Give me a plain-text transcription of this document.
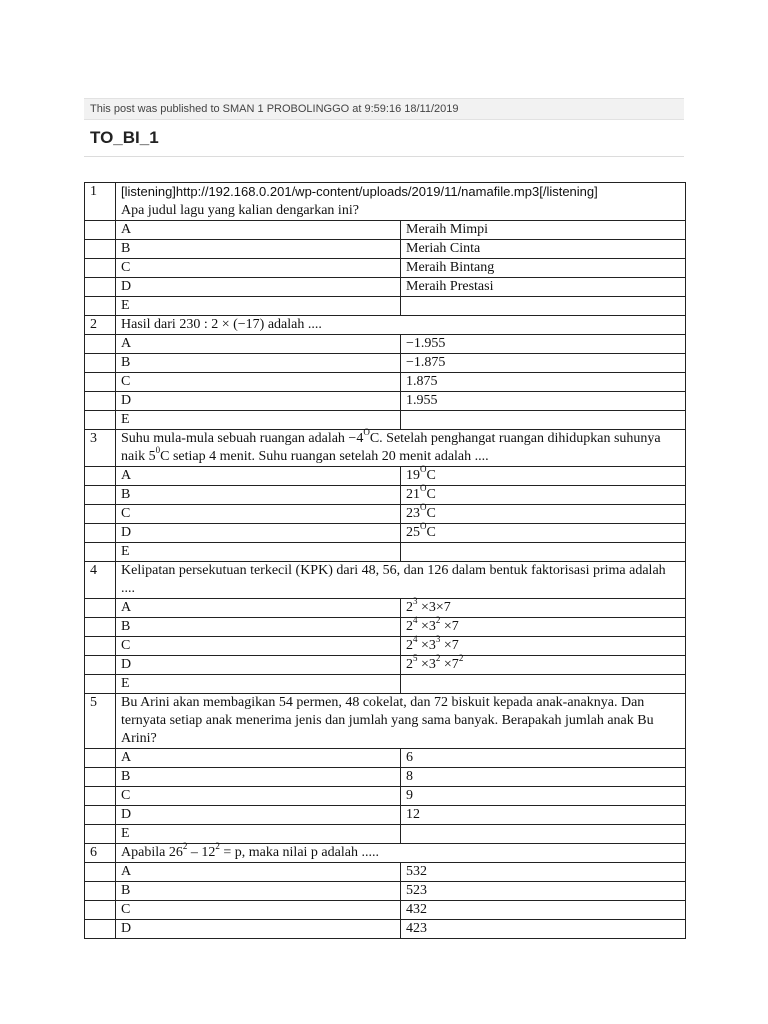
This post was published to SMAN 1 PROBOLINGGO at 9:59:16 18/11/2019
TO_BI_1
1	[listening]http://192.168.0.201/wp-content/uploads/2019/11/namafile.mp3[/listening]
Apa judul lagu yang kalian dengarkan ini?	
	A	Meraih Mimpi
	B	Meriah Cinta
	C	Meraih Bintang
	D	Meraih Prestasi
	E	
2	Hasil dari 230 : 2 × (−17) adalah ....	
	A	−1.955
	B	−1.875
	C	1.875
	D	1.955
	E	
3	Suhu mula-mula sebuah ruangan adalah $-4^OC$. Setelah penghangat ruangan dihidupkan suhunya naik $5^0C$ setiap 4 menit. Suhu ruangan setelah 20 menit adalah ....	
	A	$19^OC$
	B	$21^OC$
	C	$23^OC$
	D	$25^OC$
	E	
4	Kelipatan persekutuan terkecil (KPK) dari 48, 56, dan 126 dalam bentuk faktorisasi prima adalah ....	
	A	$2^3 \times 3\times 7$
	B	$2^4 \times 3^2 \times 7$
	C	$2^4 \times 3^3 \times 7$
	D	$2^5 \times 3^2 \times 7^2$
	E	
5	Bu Arini akan membagikan 54 permen, 48 cokelat, dan 72 biskuit kepada anak-anaknya. Dan ternyata setiap anak menerima jenis dan jumlah yang sama banyak. Berapakah jumlah anak Bu Arini?	
	A	6
	B	8
	C	9
	D	12
	E	
6	Apabila $26^2 - 12^2 = p$, maka nilai p adalah .....	
	A	532
	B	523
	C	432
	D	423
